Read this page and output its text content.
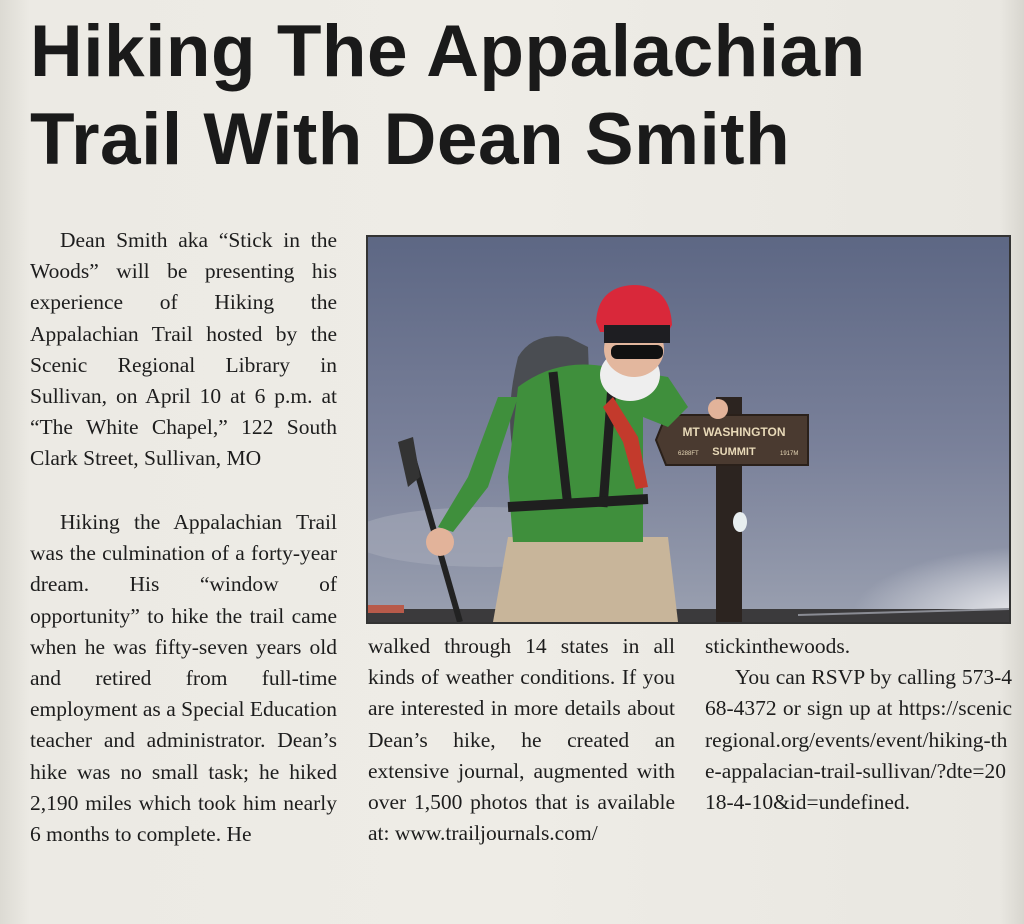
Hiking The Appalachian
Trail With Dean Smith

Dean Smith aka “Stick in the Woods” will be presenting his experience of Hiking the Appalachian Trail hosted by the Scenic Regional Library in Sullivan, on April 10 at 6 p.m. at “The White Chapel,” 122 South Clark Street, Sullivan, MO

Hiking the Appalachian Trail was the culmination of a forty-year dream. His “window of opportunity” to hike the trail came when he was fifty-seven years old and retired from full-time employment as a Special Education teacher and administrator. Dean’s hike was no small task; he hiked 2,190 miles which took him nearly 6 months to complete. He

walked through 14 states in all kinds of weather conditions. If you are interested in more details about Dean’s hike, he created an extensive journal, augmented with over 1,500 photos that is available at: www.trailjournals.com/

stickinthewoods.

You can RSVP by calling 573-468-4372 or sign up at https://scenicregional.org/events/event/hiking-the-appalacian-trail-sullivan/?dte=2018-4-10&id=undefined.

MT WASHINGTON
SUMMIT
6288FT	1917M
